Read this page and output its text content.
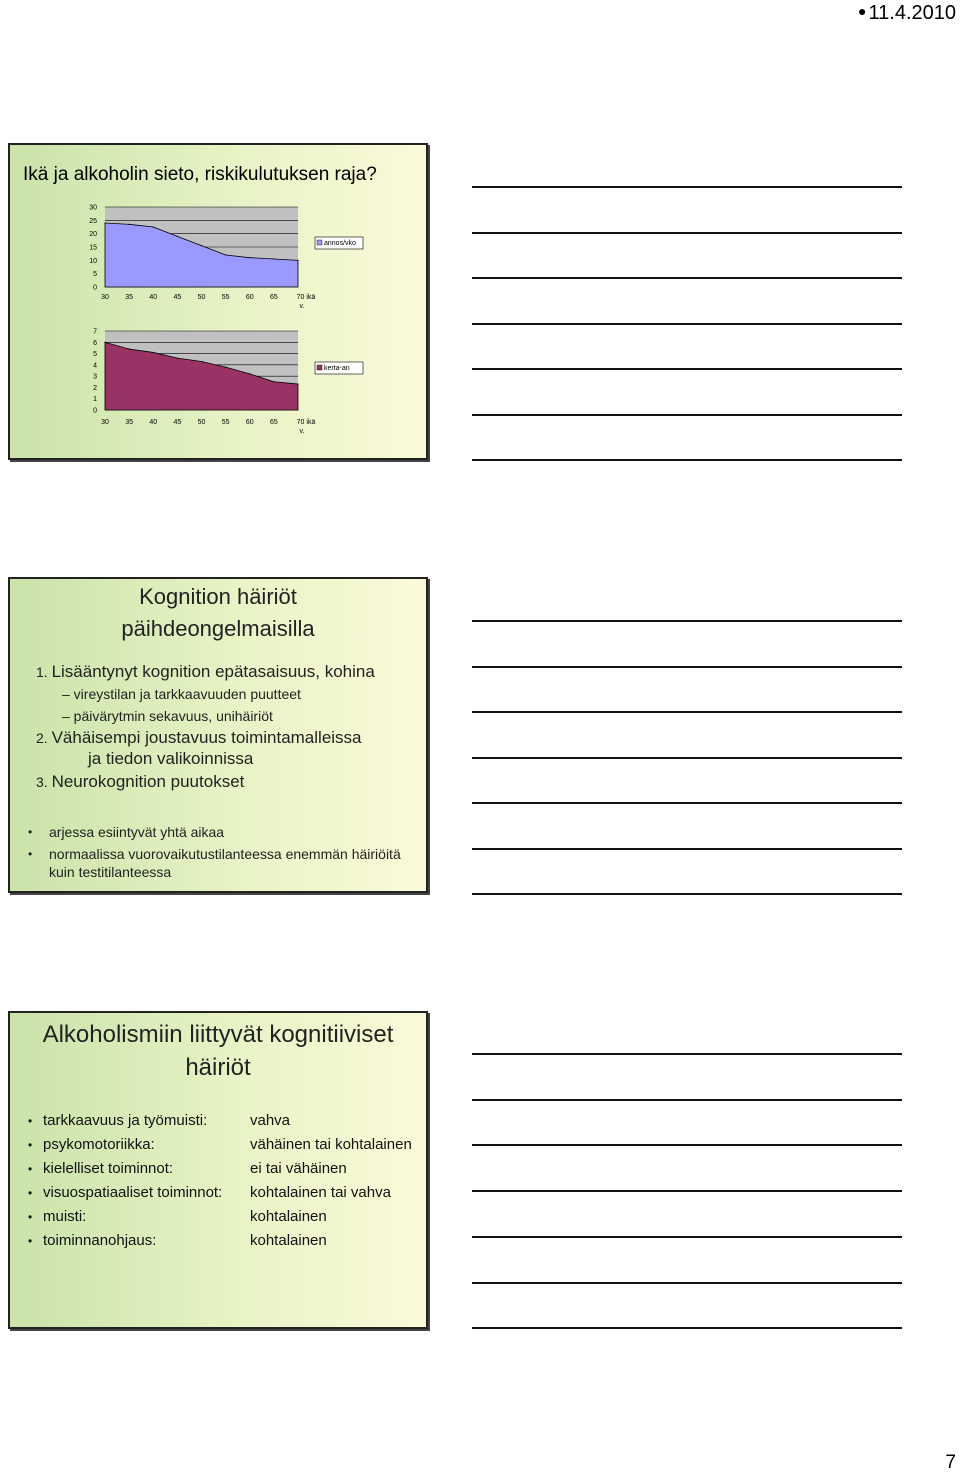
● 11.4.2010
Ikä ja alkoholin sieto, riskikulutuksen raja?
0
5
10
15
20
25
30
30 35 40 45 50 55 60 65	70 ikä
v.
annos/vko
0
1
2
3
4
5
6
7
30 35 40 45 50 55 60 65	70 ikä
v.
kerta-an
Kognition häiriöt
päihdeongelmaisilla
1. Lisääntynyt kognition epätasaisuus, kohina
– vireystilan ja tarkkaavuuden puutteet
– päivärytmin sekavuus, unihäiriöt
2. Vähäisempi joustavuus toimintamalleissa
ja tiedon valikoinnissa
3. Neurokognition puutokset
• arjessa esiintyvät yhtä aikaa
• normaalissa vuorovaikutustilanteessa enemmän häiriöitä kuin testitilanteessa
Alkoholismiin liittyvät kognitiiviset
häiriöt
• tarkkaavuus ja työmuisti:	vahva
• psykomotoriikka:	vähäinen tai kohtalainen
• kielelliset toiminnot:	ei tai vähäinen
• visuospatiaaliset toiminnot: kohtalainen tai vahva
• muisti:	kohtalainen
• toiminnanohjaus:	kohtalainen
7
